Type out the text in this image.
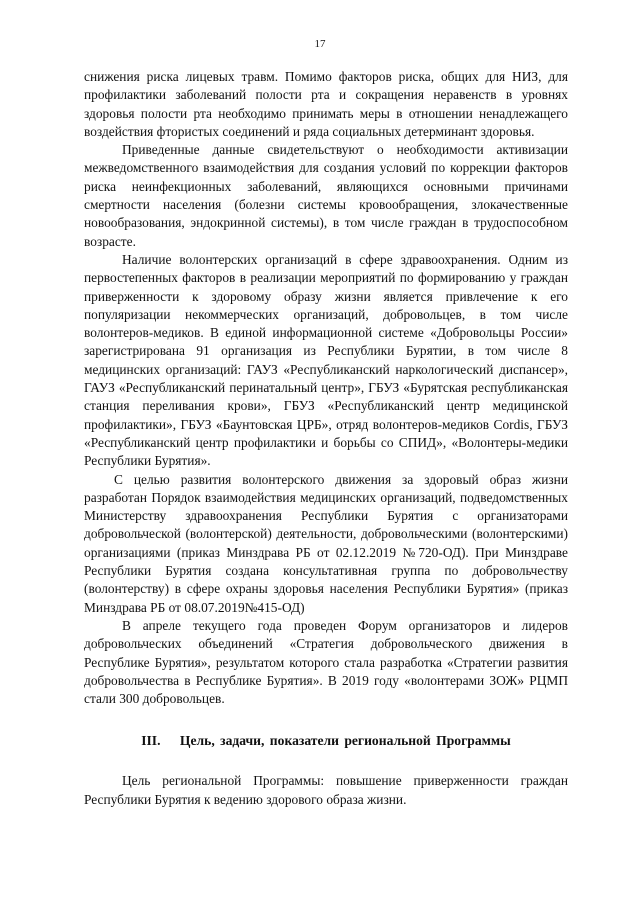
17

снижения риска лицевых травм. Помимо факторов риска, общих для НИЗ, для профилактики заболеваний полости рта и сокращения неравенств в уровнях здоровья полости рта необходимо принимать меры в отношении ненадлежащего воздействия фтористых соединений и ряда социальных детерминант здоровья.

Приведенные данные свидетельствуют о необходимости активизации межведомственного взаимодействия для создания условий по коррекции факторов риска неинфекционных заболеваний, являющихся основными причинами смертности населения (болезни системы кровообращения, злокачественные новообразования, эндокринной системы), в том числе граждан в трудоспособном возрасте.

Наличие волонтерских организаций в сфере здравоохранения. Одним из первостепенных факторов в реализации мероприятий по формированию у граждан приверженности к здоровому образу жизни является привлечение к его популяризации некоммерческих организаций, добровольцев, в том числе волонтеров-медиков. В единой информационной системе «Добровольцы России» зарегистрирована 91 организация из Республики Бурятии, в том числе 8 медицинских организаций: ГАУЗ «Республиканский наркологический диспансер», ГАУЗ «Республиканский перинатальный центр», ГБУЗ «Бурятская республиканская станция переливания крови», ГБУЗ «Республиканский центр медицинской профилактики», ГБУЗ «Баунтовская ЦРБ», отряд волонтеров-медиков Cordis, ГБУЗ «Республиканский центр профилактики и борьбы со СПИД», «Волонтеры-медики Республики Бурятия».

С целью развития волонтерского движения за здоровый образ жизни разработан Порядок взаимодействия медицинских организаций, подведомственных Министерству здравоохранения Республики Бурятия с организаторами добровольческой (волонтерской) деятельности, добровольческими (волонтерскими) организациями (приказ Минздрава РБ от 02.12.2019 №720-ОД). При Минздраве Республики Бурятия создана консультативная группа по добровольчеству (волонтерству) в сфере охраны здоровья населения Республики Бурятия» (приказ Минздрава РБ от 08.07.2019№415-ОД)

В апреле текущего года проведен Форум организаторов и лидеров добровольческих объединений «Стратегия добровольческого движения в Республике Бурятия», результатом которого стала разработка «Стратегии развития добровольчества в Республике Бурятия». В 2019 году «волонтерами ЗОЖ» РЦМП стали 300 добровольцев.

III. Цель, задачи, показатели региональной Программы

Цель региональной Программы: повышение приверженности граждан Республики Бурятия к ведению здорового образа жизни.
